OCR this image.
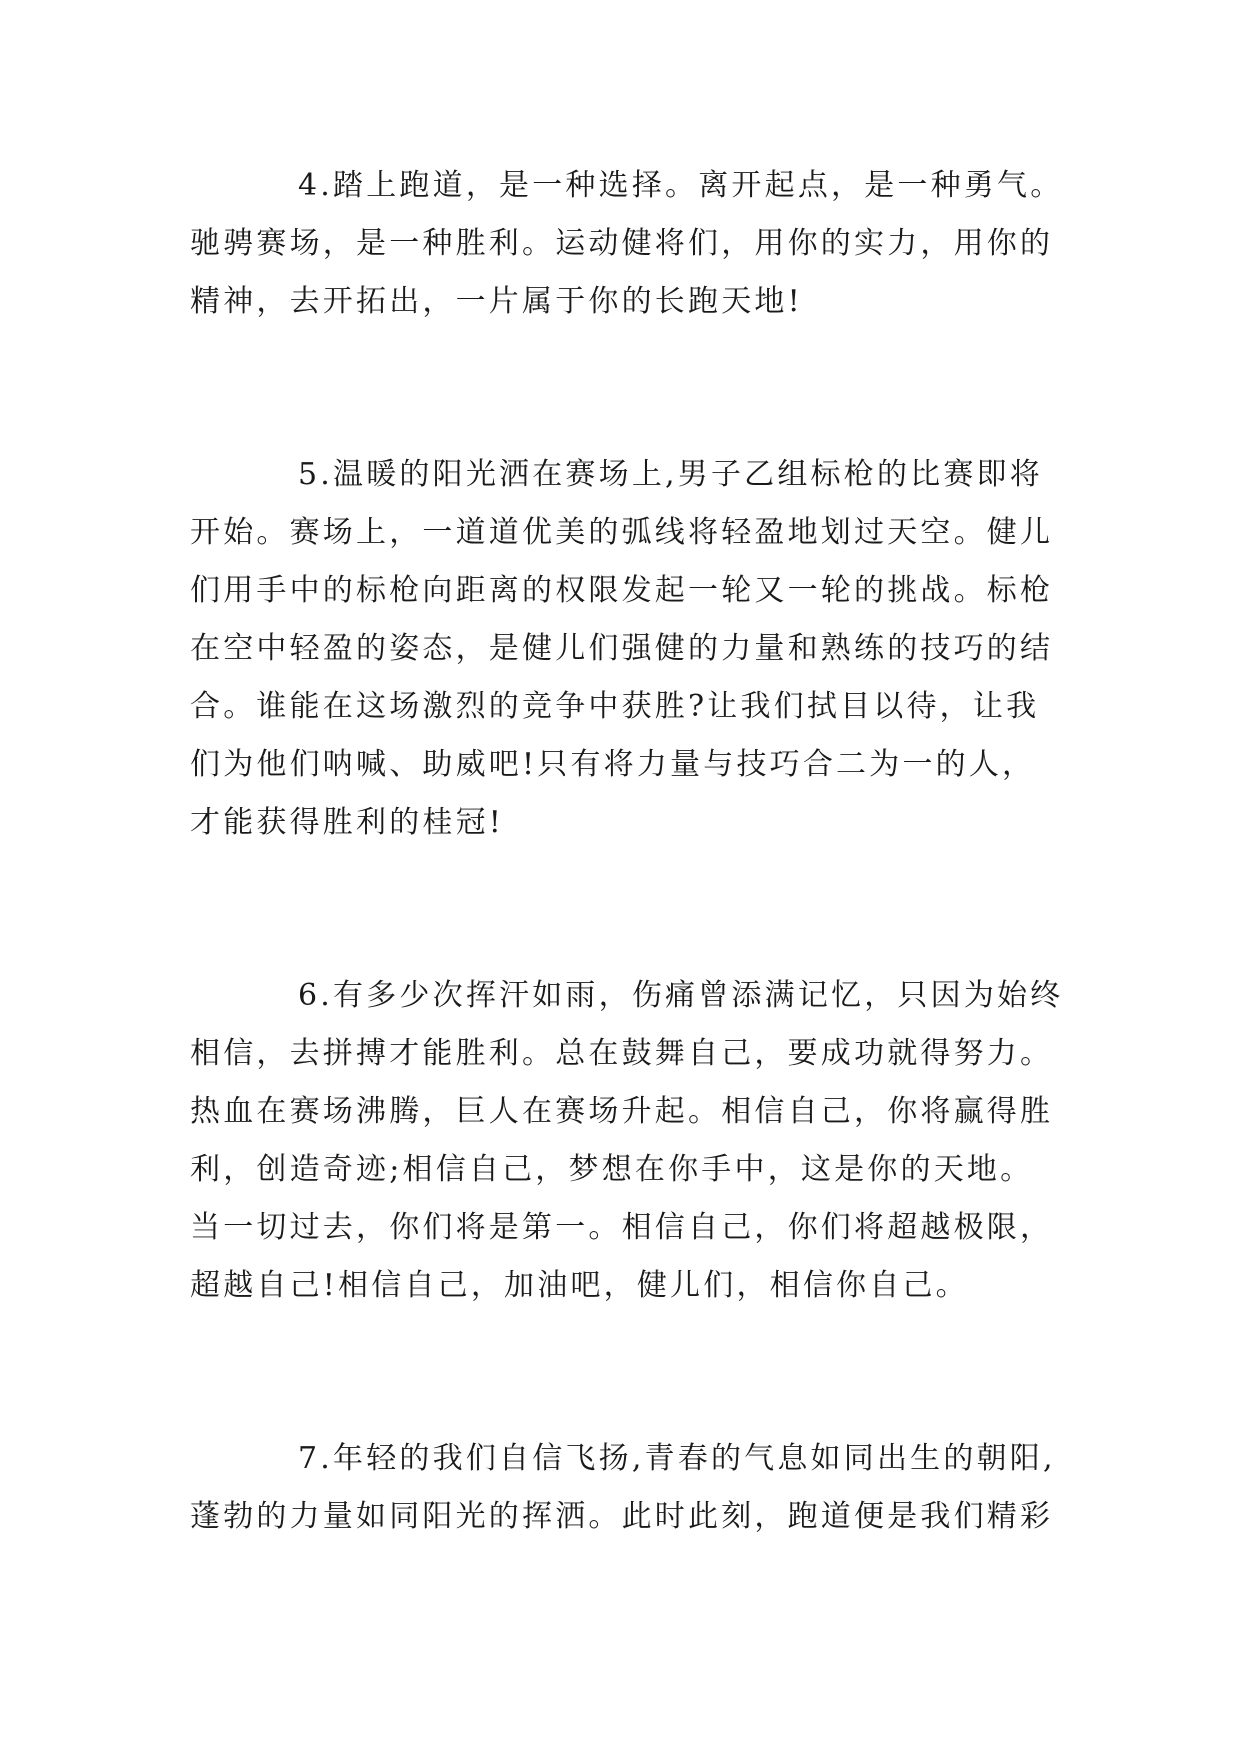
4.踏上跑道，是一种选择。离开起点，是一种勇气。
驰骋赛场，是一种胜利。运动健将们，用你的实力，用你的
精神，去开拓出，一片属于你的长跑天地!
5.温暖的阳光洒在赛场上,男子乙组标枪的比赛即将
开始。赛场上，一道道优美的弧线将轻盈地划过天空。健儿
们用手中的标枪向距离的权限发起一轮又一轮的挑战。标枪
在空中轻盈的姿态，是健儿们强健的力量和熟练的技巧的结
合。谁能在这场激烈的竞争中获胜?让我们拭目以待，让我
们为他们呐喊、助威吧!只有将力量与技巧合二为一的人，
才能获得胜利的桂冠!
6.有多少次挥汗如雨，伤痛曾添满记忆，只因为始终
相信，去拼搏才能胜利。总在鼓舞自己，要成功就得努力。
热血在赛场沸腾，巨人在赛场升起。相信自己，你将赢得胜
利，创造奇迹;相信自己，梦想在你手中，这是你的天地。
当一切过去，你们将是第一。相信自己，你们将超越极限，
超越自己!相信自己，加油吧，健儿们，相信你自己。
7.年轻的我们自信飞扬,青春的气息如同出生的朝阳,
蓬勃的力量如同阳光的挥洒。此时此刻，跑道便是我们精彩
